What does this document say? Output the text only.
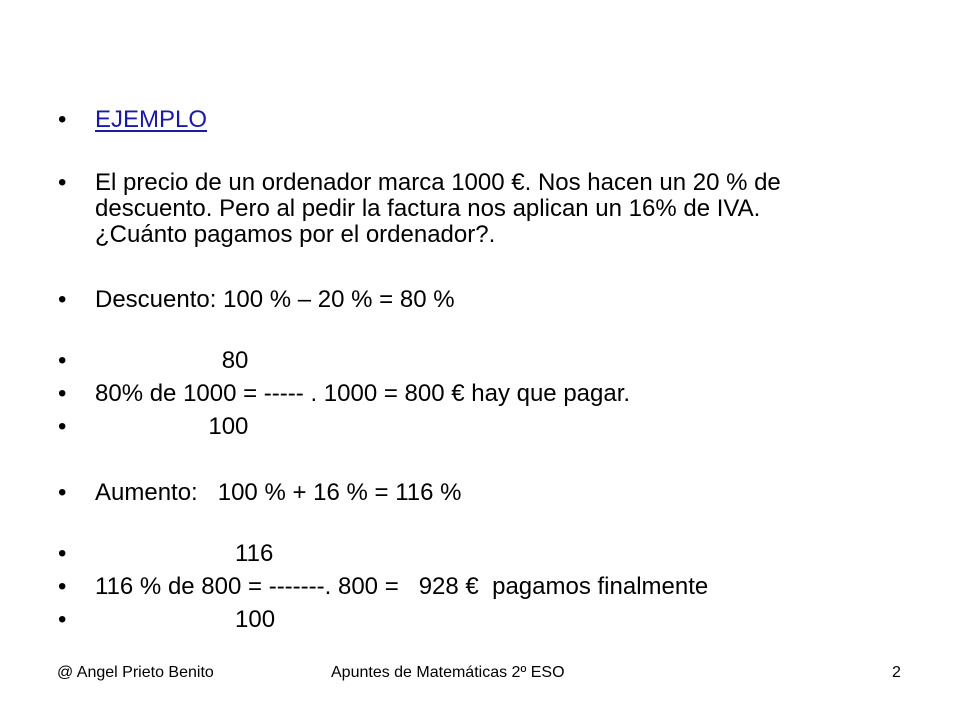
•

EJEMPLO

•

El precio de un ordenador marca 1000 €. Nos hacen un 20 % de

descuento. Pero al pedir la factura nos aplican un 16% de IVA.

¿Cuánto pagamos por el ordenador?.

•

Descuento: 100 % – 20 % = 80 %

•

80

•

80% de 1000 = ----- . 1000 = 800 € hay que pagar.

•

100

•

Aumento:   100 % + 16 % = 116 %

•

116

•

116 % de 800 = -------. 800 =   928 €  pagamos finalmente

•

100

@ Angel Prieto Benito	Apuntes de Matemáticas 2º ESO	2
